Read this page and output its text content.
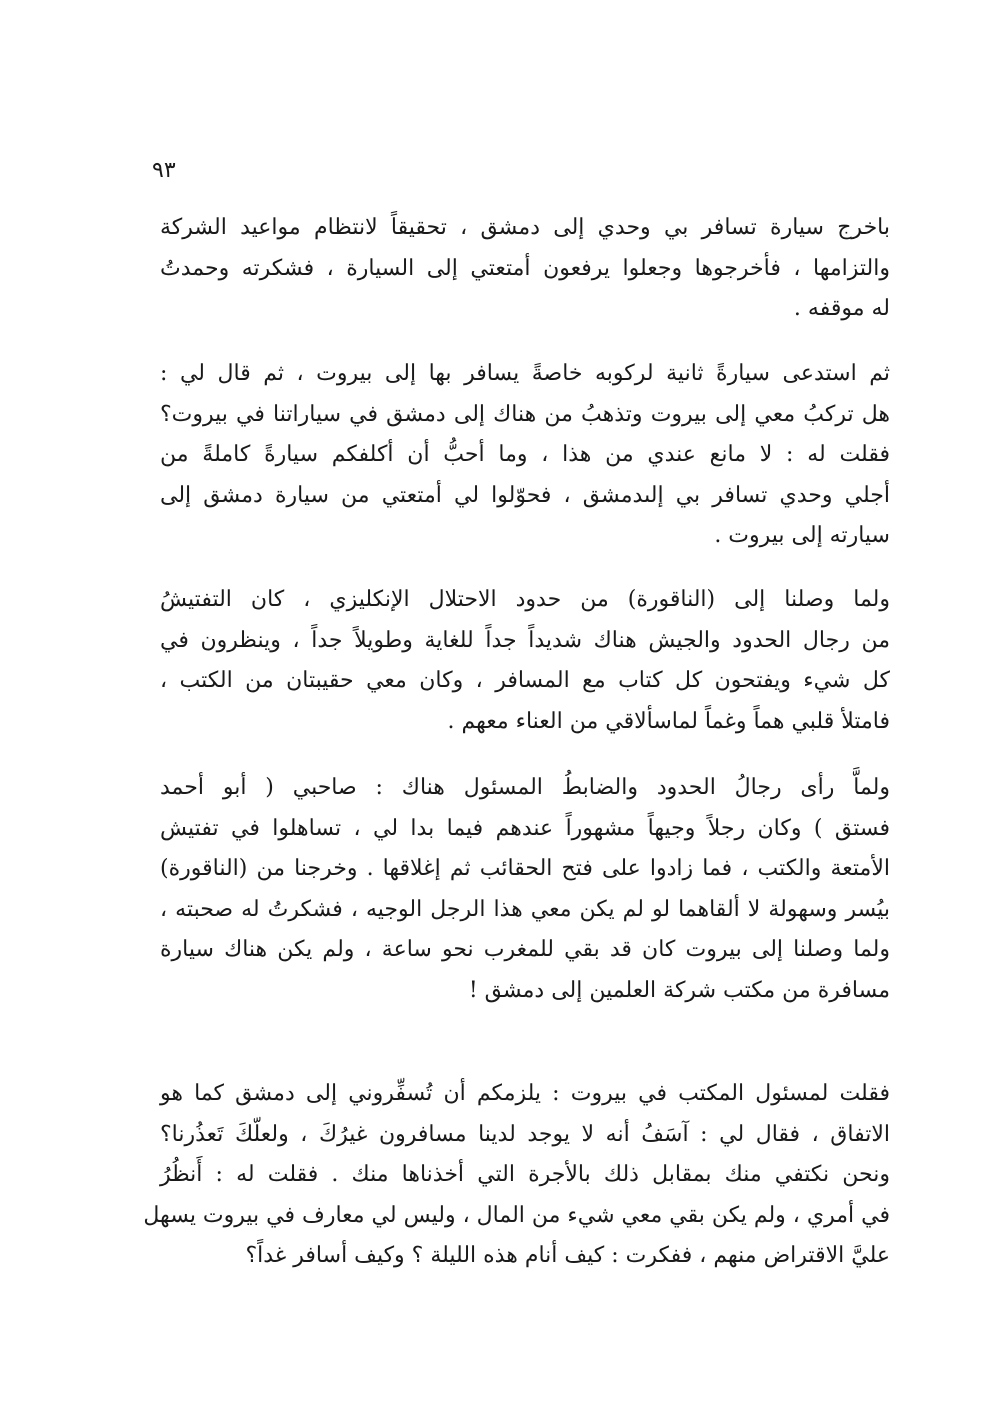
٩٣
باخرج سيارة تسافر بي وحدي إلى دمشق ، تحقيقاً لانتظام مواعيد الشركة
والتزامها ، فأخرجوها وجعلوا يرفعون أمتعتي إلى السيارة ، فشكرته وحمدتُ
له موقفه .
ثم استدعى سيارةً ثانية لركوبه خاصةً يسافر بها إلى بيروت ، ثم قال لي :
هل تركبُ معي إلى بيروت وتذهبُ من هناك إلى دمشق في سياراتنا في بيروت؟
فقلت له : لا مانع عندي من هذا ، وما أحبُّ أن أكلفكم سيارةً كاملةً من
أجلي وحدي تسافر بي إلىدمشق ، فحوّلوا لي أمتعتي من سيارة دمشق إلى
سيارته إلى بيروت .
ولما وصلنا إلى (الناقورة) من حدود الاحتلال الإنكليزي ، كان التفتيشُ
من رجال الحدود والجيش هناك شديداً جداً للغاية وطويلاً جداً ، وينظرون في
كل شيء ويفتحون كل كتاب مع المسافر ، وكان معي حقيبتان من الكتب ،
فامتلأ قلبي هماً وغماً لماسألاقي من العناء معهم .
ولماَّ رأى رجالُ الحدود والضابطُ المسئول هناك : صاحبي ( أبو أحمد
فستق ) وكان رجلاً وجيهاً مشهوراً عندهم فيما بدا لي ، تساهلوا في تفتيش
الأمتعة والكتب ، فما زادوا على فتح الحقائب ثم إغلاقها . وخرجنا من (الناقورة)
بيُسر وسهولة لا ألقاهما لو لم يكن معي هذا الرجل الوجيه ، فشكرتُ له صحبته ،
ولما وصلنا إلى بيروت كان قد بقي للمغرب نحو ساعة ، ولم يكن هناك سيارة
مسافرة من مكتب شركة العلمين إلى دمشق !
فقلت لمسئول المكتب في بيروت : يلزمكم أن تُسفِّروني إلى دمشق كما هو
الاتفاق ، فقال لي : آسَفُ أنه لا يوجد لدينا مسافرون غيرُكَ ، ولعلّكَ تَعذُرنا؟
ونحن نكتفي منك بمقابل ذلك بالأجرة التي أخذناها منك . فقلت له : أَنظُرُ
في أمري ، ولم يكن بقي معي شيء من المال ، وليس لي معارف في بيروت يسهل
عليَّ الاقتراض منهم ، ففكرت : كيف أنام هذه الليلة ؟ وكيف أسافر غداً؟
